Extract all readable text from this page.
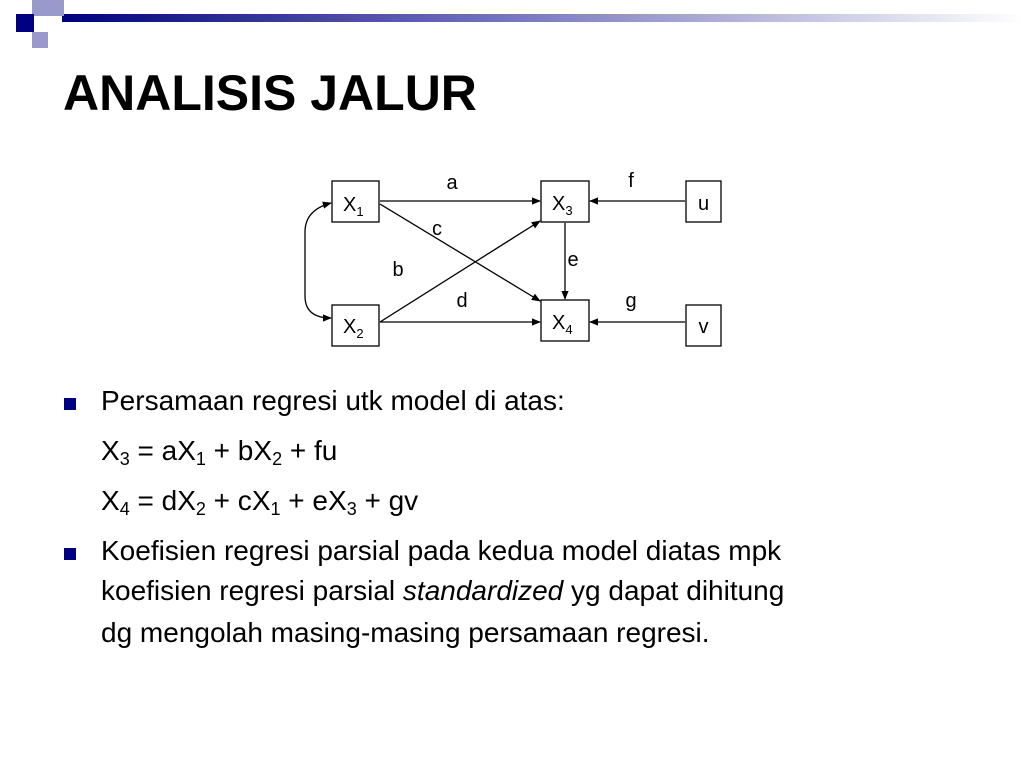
ANALISIS JALUR
$X_1$
$X_2$
$X_3$
$X_4$
u
v
a	f
c
e
b
d	g
Persamaan regresi utk model di atas:
$X_3 = aX_1 + bX_2$ + fu
$X_4 = dX_2 + cX_1 + eX_3$ + gv
Koefisien regresi parsial pada kedua model diatas mpk
koefisien regresi parsial standardized yg dapat dihitung
dg mengolah masing-masing persamaan regresi.
